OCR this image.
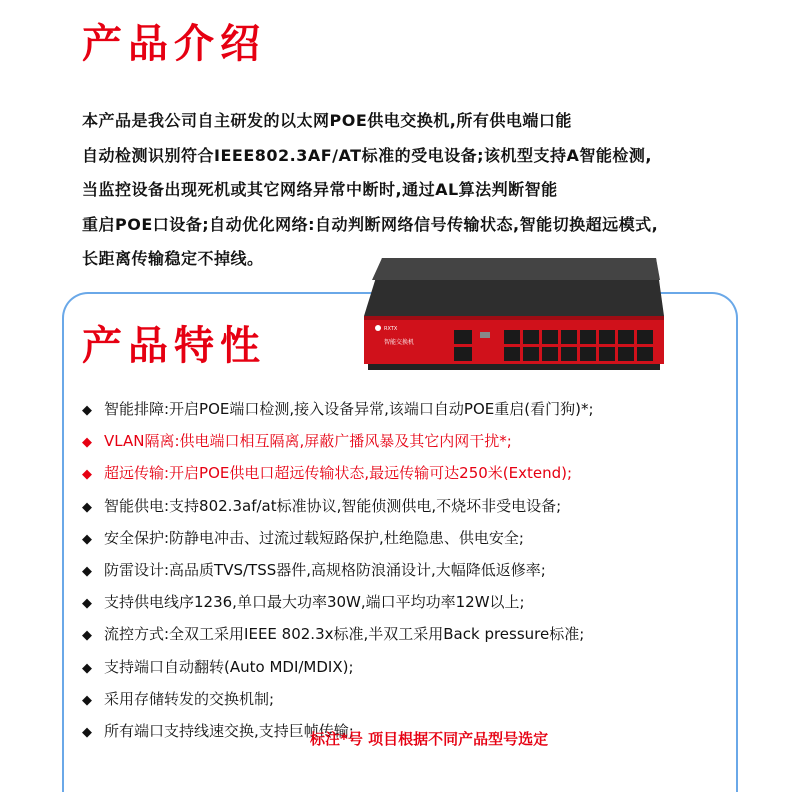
产品介绍
本产品是我公司自主研发的以太网POE供电交换机,所有供电端口能
自动检测识别符合IEEE802.3AF/AT标准的受电设备;该机型支持A智能检测,
当监控设备出现死机或其它网络异常中断时,通过AL算法判断智能
重启POE口设备;自动优化网络:自动判断网络信号传输状态,智能切换超远模式,
长距离传输稳定不掉线。
RXTX
智能交换机
产品特性
◆ 智能排障:开启POE端口检测,接入设备异常,该端口自动POE重启(看门狗)*;
◆ VLAN隔离:供电端口相互隔离,屏蔽广播风暴及其它内网干扰*;
◆ 超远传输:开启POE供电口超远传输状态,最远传输可达250米(Extend);
◆ 智能供电:支持802.3af/at标准协议,智能侦测供电,不烧坏非受电设备;
◆ 安全保护:防静电冲击、过流过载短路保护,杜绝隐患、供电安全;
◆ 防雷设计:高品质TVS/TSS器件,高规格防浪涌设计,大幅降低返修率;
◆ 支持供电线序1236,单口最大功率30W,端口平均功率12W以上;
◆ 流控方式:全双工采用IEEE 802.3x标准,半双工采用Back pressure标准;
◆ 支持端口自动翻转(Auto MDI/MDIX);
◆ 采用存储转发的交换机制;
◆ 所有端口支持线速交换,支持巨帧传输;
标注*号 项目根据不同产品型号选定
